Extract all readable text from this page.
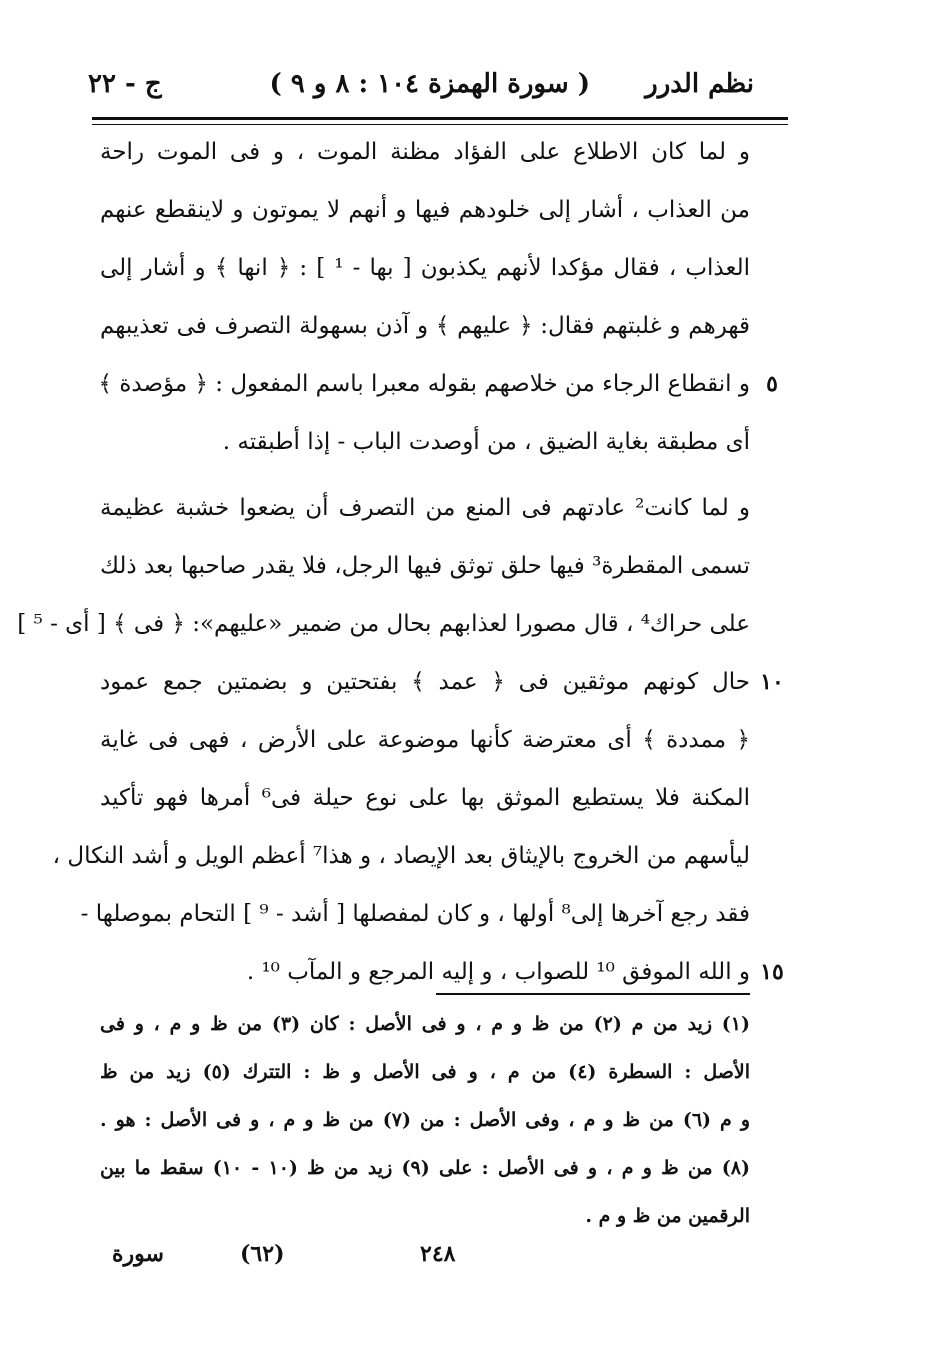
نظم الدرر
( سورة الهمزة ١٠٤ : ٨ و ٩ )
ج - ٢٢
و لما كان الاطلاع على الفؤاد مظنة الموت ، و فى الموت راحة
من العذاب ، أشار إلى خلودهم فيها و أنهم لا يموتون و لاينقطع عنهم
العذاب ، فقال مؤكدا لأنهم يكذبون [ بها - ¹ ] : ﴿ انها ﴾ و أشار إلى
قهرهم و غلبتهم فقال: ﴿ عليهم ﴾ و آذن بسهولة التصرف فى تعذيبهم
و انقطاع الرجاء من خلاصهم بقوله معبرا باسم المفعول : ﴿ مؤصدة ﴾
أى مطبقة بغاية الضيق ، من أوصدت الباب - إذا أطبقته .
و لما كانت² عادتهم فى المنع من التصرف أن يضعوا خشبة عظيمة
تسمى المقطرة³ فيها حلق توثق فيها الرجل، فلا يقدر صاحبها بعد ذلك
على حراك⁴ ، قال مصورا لعذابهم بحال من ضمير «عليهم»: ﴿ فى ﴾ [ أى - ⁵ ]
حال كونهم موثقين فى ﴿ عمد ﴾ بفتحتين و بضمتين جمع عمود
﴿ ممددة ﴾ أى معترضة كأنها موضوعة على الأرض ، فهى فى غاية
المكنة فلا يستطيع الموثق بها على نوع حيلة فى⁶ أمرها فهو تأكيد
ليأسهم من الخروج بالإيثاق بعد الإيصاد ، و هذا⁷ أعظم الويل و أشد النكال ،
فقد رجع آخرها إلى⁸ أولها ، و كان لمفصلها [ أشد - ⁹ ] التحام بموصلها -
و الله الموفق ¹⁰ للصواب ، و إليه المرجع و المآب ¹⁰ .
٥
١٠
١٥
(١) زيد من م (٢) من ظ و م ، و فى الأصل : كان (٣) من ظ و م ، و فى
الأصل : السطرة (٤) من م ، و فى الأصل و ظ : التترك (٥) زيد من ظ
و م (٦) من ظ و م ، وفى الأصل : من (٧) من ظ و م ، و فى الأصل : هو .
(٨) من ظ و م ، و فى الأصل : على (٩) زيد من ظ (١٠ - ١٠) سقط ما بين
الرقمين من ظ و م .
٢٤٨
(٦٢)
سورة
